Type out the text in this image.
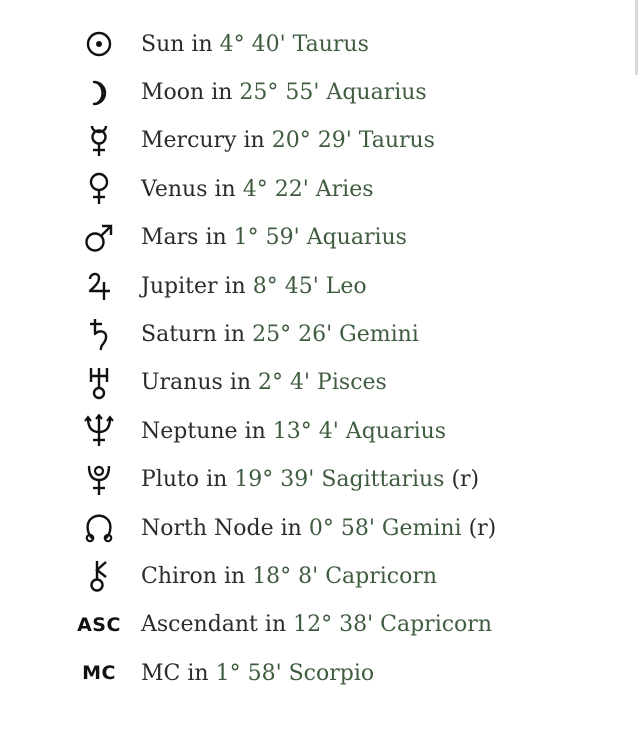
Sun in 4° 40' Taurus
Moon in 25° 55' Aquarius
Mercury in 20° 29' Taurus
Venus in 4° 22' Aries
Mars in 1° 59' Aquarius
Jupiter in 8° 45' Leo
Saturn in 25° 26' Gemini
Uranus in 2° 4' Pisces
Neptune in 13° 4' Aquarius
Pluto in 19° 39' Sagittarius (r)
North Node in 0° 58' Gemini (r)
Chiron in 18° 8' Capricorn
ASC Ascendant in 12° 38' Capricorn
MC MC in 1° 58' Scorpio
